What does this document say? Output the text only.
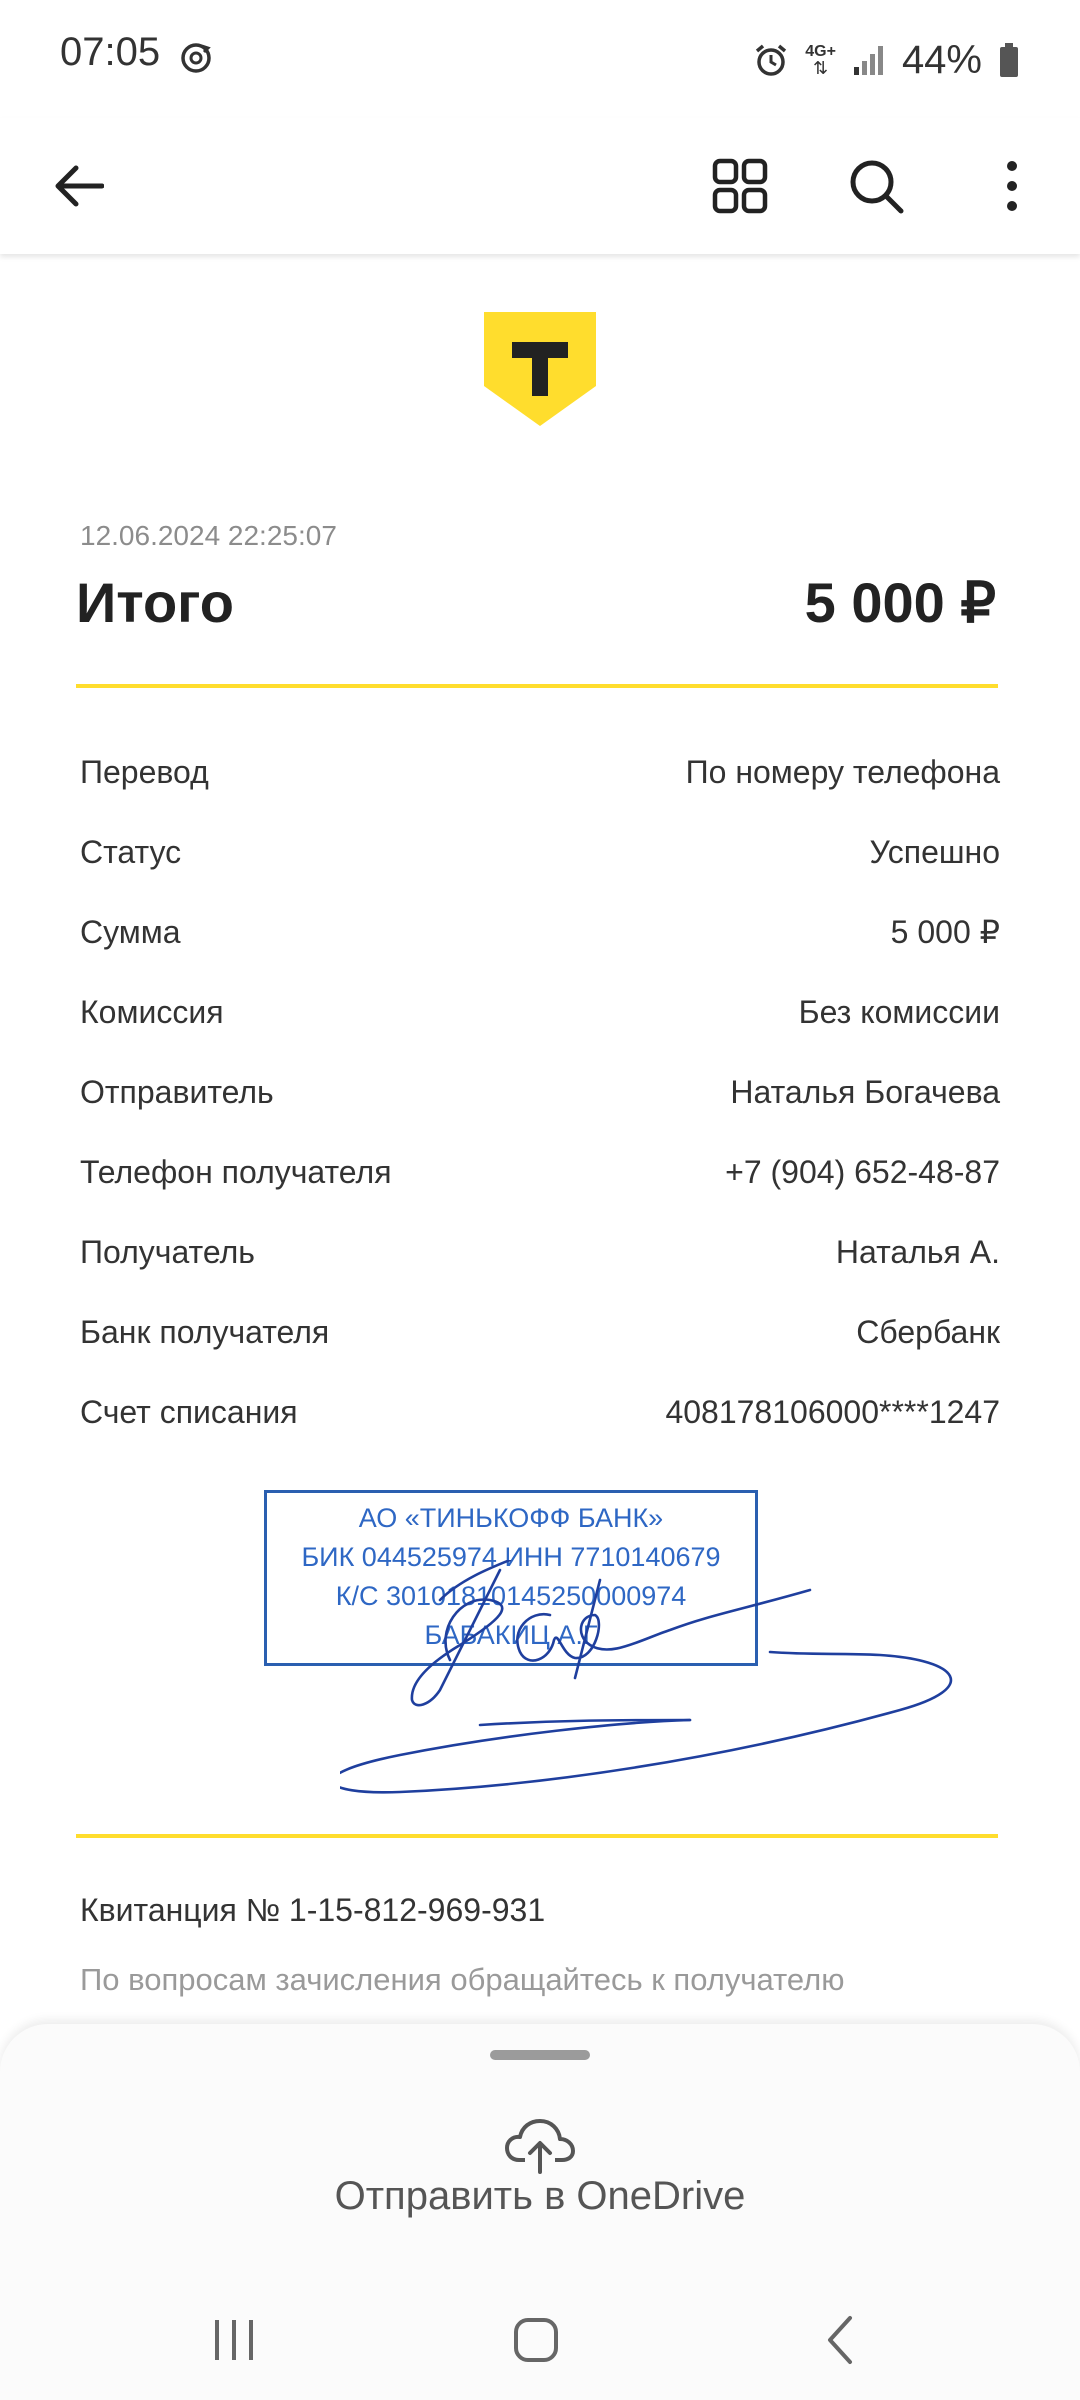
07:05	4G+
⇅ 44%
12.06.2024 22:25:07
Итого	5 000 ₽
Перевод	По номеру телефона
Статус	Успешно
Сумма	5 000 ₽
Комиссия	Без комиссии
Отправитель	Наталья Богачева
Телефон получателя	+7 (904) 652-48-87
Получатель	Наталья А.
Банк получателя	Сбербанк
Счет списания	408178106000****1247
АО «ТИНЬКОФФ БАНК»
БИК 044525974 ИНН 7710140679
К/С 30101810145250000974
БАБАКИЦ А.Г
Квитанция № 1-15-812-969-931
По вопросам зачисления обращайтесь к получателю
Отправить в OneDrive
